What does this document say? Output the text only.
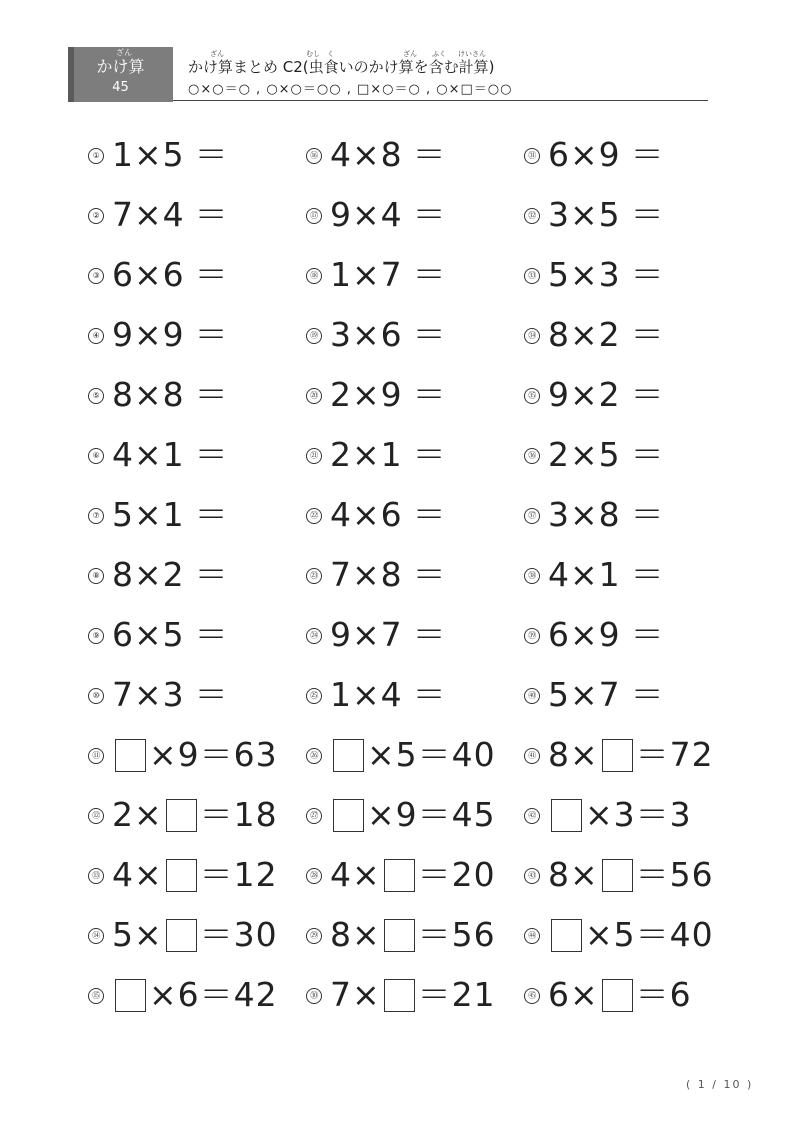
ざん
かけ算
45
ざん	むし く	ざん ふく けいさん
かけ算まとめ C2(虫食いのかけ算を含む計算)
○×○＝○ , ○×○＝○○ , □×○＝○ , ○×□＝○○
① 1 × 5 ＝
② 7 × 4 ＝
③ 6 × 6 ＝
④ 9 × 9 ＝
⑤ 8 × 8 ＝
⑥ 4 × 1 ＝
⑦ 5 × 1 ＝
⑧ 8 × 2 ＝
⑨ 6 × 5 ＝
⑩ 7 × 3 ＝
⑪ × 9 ＝ 63
⑫ 2 × ＝ 18
⑬ 4 × ＝ 12
⑭ 5 × ＝ 30
⑮ × 6 ＝ 42
⑯ 4 × 8 ＝
⑰ 9 × 4 ＝
⑱ 1 × 7 ＝
⑲ 3 × 6 ＝
⑳ 2 × 9 ＝
㉑ 2 × 1 ＝
㉒ 4 × 6 ＝
㉓ 7 × 8 ＝
㉔ 9 × 7 ＝
㉕ 1 × 4 ＝
㉖ × 5 ＝ 40
㉗ × 9 ＝ 45
㉘ 4 × ＝ 20
㉙ 8 × ＝ 56
㉚ 7 × ＝ 21
㉛ 6 × 9 ＝
㉜ 3 × 5 ＝
㉝ 5 × 3 ＝
㉞ 8 × 2 ＝
㉟ 9 × 2 ＝
㊱ 2 × 5 ＝
㊲ 3 × 8 ＝
㊳ 4 × 1 ＝
㊴ 6 × 9 ＝
㊵ 5 × 7 ＝
㊶ 8 × ＝ 72
㊷ × 3 ＝ 3
㊸ 8 × ＝ 56
㊹ × 5 ＝ 40
㊺ 6 × ＝ 6
( 1 / 10 )
